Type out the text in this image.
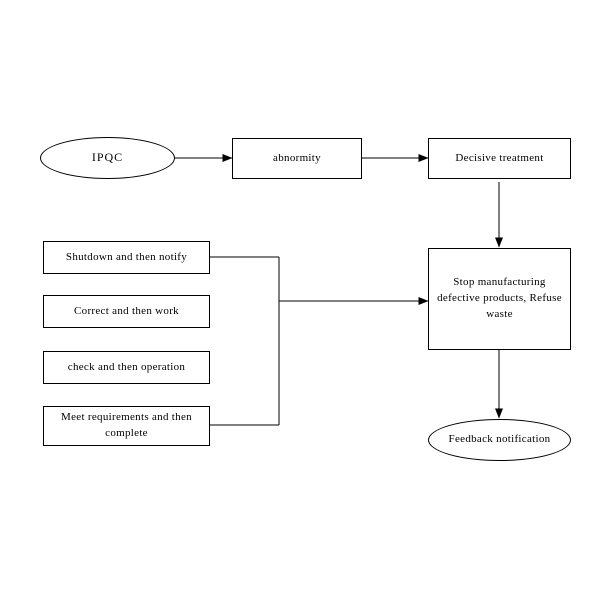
IPQC	abnormity	Decisive treatment
Shutdown and then notify
Correct and then work
check and then operation
Meet requirements and then complete
Stop manufacturing defective products, Refuse waste
Feedback notification
